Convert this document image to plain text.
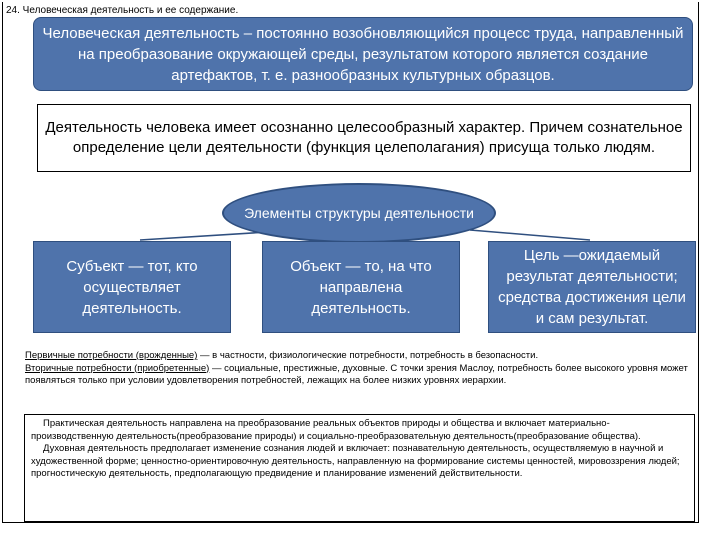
24. Человеческая деятельность и ее содержание.
Человеческая деятельность – постоянно возобновляющийся процесс труда, направленный на преобразование окружающей среды, результатом которого является создание артефактов, т. е. разнообразных культурных образцов.
Деятельность человека имеет осознанно целесообразный характер. Причем сознательное определение цели деятельности (функция целеполагания) присуща только людям.
Элементы структуры деятельности
Субъект — тот, кто осуществляет деятельность.
Объект — то, на что направлена деятельность.
Цель —ожидаемый результат деятельности; средства достижения цели и сам результат.
Первичные потребности (врожденные) — в частности, физиологические потребности, потребность в безопасности.
Вторичные потребности (приобретенные) — социальные, престижные, духовные. С точки зрения Маслоу, потребность более высокого уровня может появляться только при условии удовлетворения потребностей, лежащих на более низких уровнях иерархии.
Практическая деятельность направлена на преобразование реальных объектов природы и общества и включает материально-производственную деятельность(преобразование природы) и социально-преобразовательную деятельность(преобразование общества).
Духовная деятельность предполагает изменение сознания людей и включает: познавательную деятельность, осуществляемую в научной и художественной форме; ценностно-ориентировочную деятельность, направленную на формирование системы ценностей, мировоззрения людей; прогностическую деятельность, предполагающую предвидение и планирование изменений действительности.
